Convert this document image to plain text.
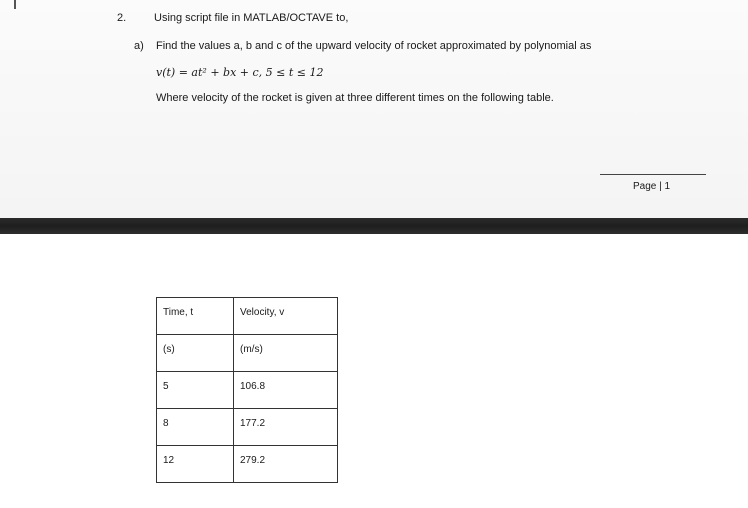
2.	Using script file in MATLAB/OCTAVE to,
a) Find the values a, b and c of the upward velocity of rocket approximated by polynomial as
v(t) = at² + bx + c, 5 ≤ t ≤ 12
Where velocity of the rocket is given at three different times on the following table.
Page | 1
Time, t	Velocity, v
(s)	(m/s)
5	106.8
8	177.2
12	279.2
